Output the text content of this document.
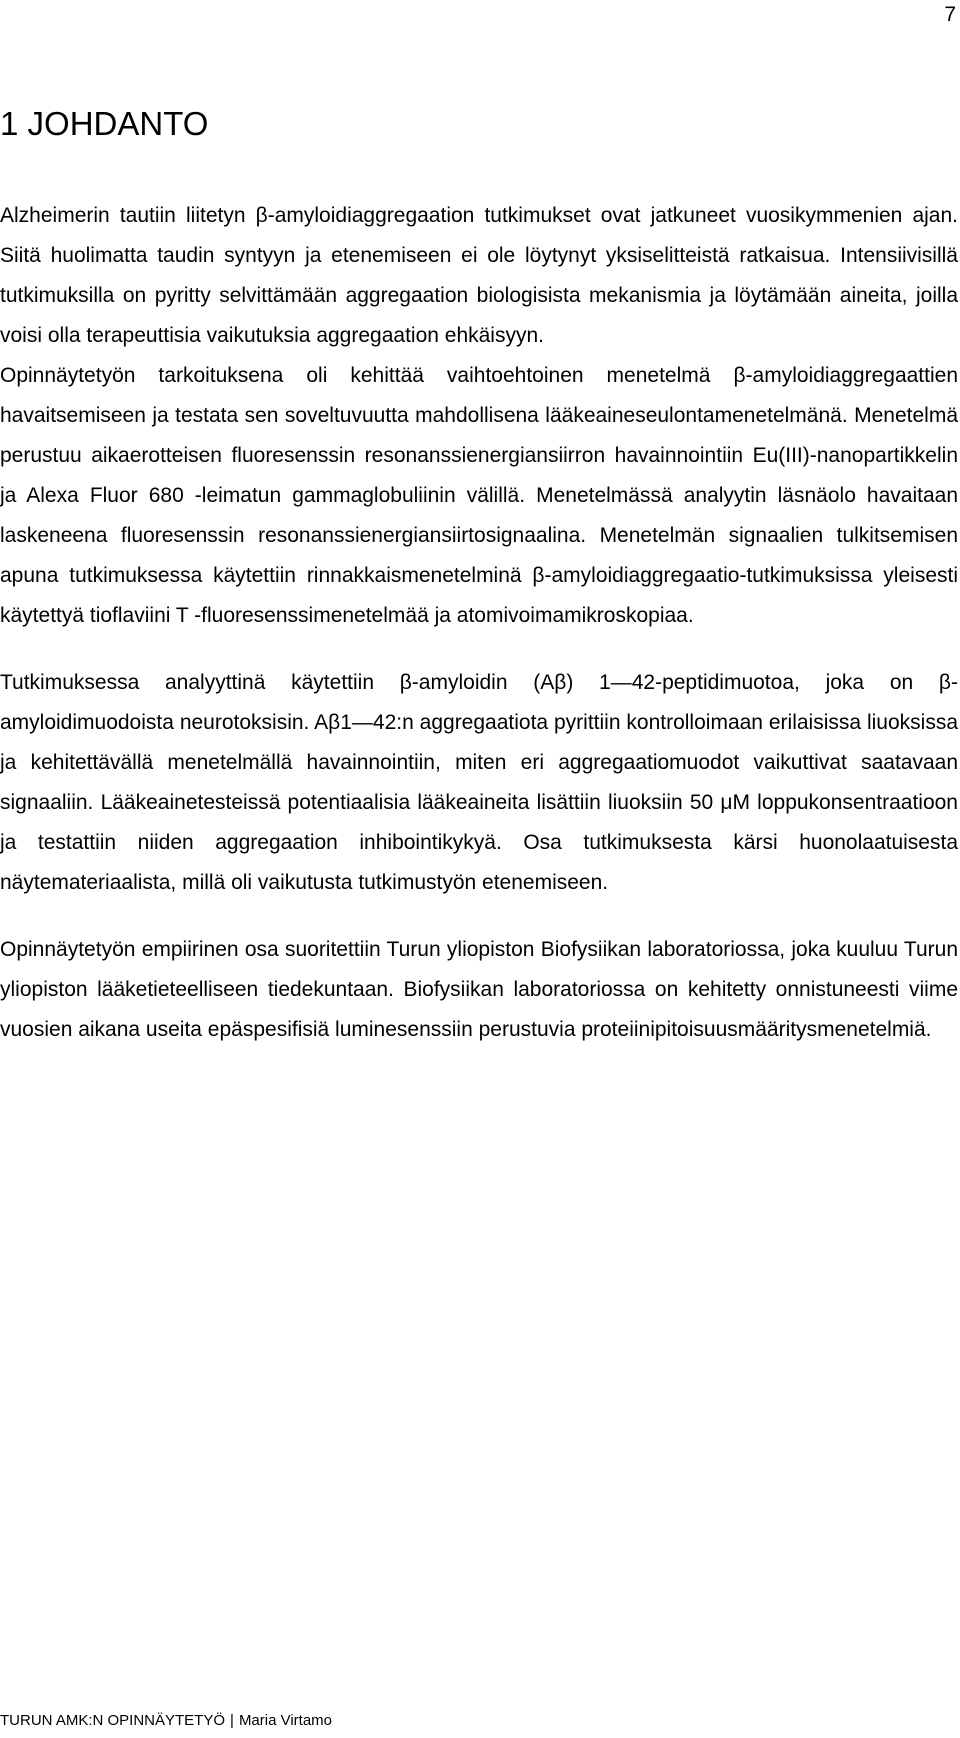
7
1 JOHDANTO

Alzheimerin tautiin liitetyn β-amyloidiaggregaation tutkimukset ovat jatkuneet vuosikymmenien ajan. Siitä huolimatta taudin syntyyn ja etenemiseen ei ole löytynyt yksiselitteistä ratkaisua. Intensiivisillä tutkimuksilla on pyritty selvittämään aggregaation biologisista mekanismia ja löytämään aineita, joilla voisi olla terapeuttisia vaikutuksia aggregaation ehkäisyyn.

Opinnäytetyön tarkoituksena oli kehittää vaihtoehtoinen menetelmä β-amyloidiaggregaattien havaitsemiseen ja testata sen soveltuvuutta mahdollisena lääkeaineseulontamenetelmänä. Menetelmä perustuu aikaerotteisen fluoresenssin resonanssienergiansiirron havainnointiin Eu(III)-nanopartikkelin ja Alexa Fluor 680 -leimatun gammaglobuliinin välillä. Menetelmässä analyytin läsnäolo havaitaan laskeneena fluoresenssin resonanssienergiansiirtosignaalina. Menetelmän signaalien tulkitsemisen apuna tutkimuksessa käytettiin rinnakkaismenetelminä β-amyloidiaggregaatio-tutkimuksissa yleisesti käytettyä tioflaviini T -fluoresenssimenetelmää ja atomivoimamikroskopiaa.

Tutkimuksessa analyyttinä käytettiin β-amyloidin (Aβ) 1—42-peptidimuotoa, joka on β-amyloidimuodoista neurotoksisin. Aβ1—42:n aggregaatiota pyrittiin kontrolloimaan erilaisissa liuoksissa ja kehitettävällä menetelmällä havainnointiin, miten eri aggregaatiomuodot vaikuttivat saatavaan signaaliin. Lääkeainetesteissä potentiaalisia lääkeaineita lisättiin liuoksiin 50 μM loppukonsentraatioon ja testattiin niiden aggregaation inhibointikykyä. Osa tutkimuksesta kärsi huonolaatuisesta näytemateriaalista, millä oli vaikutusta tutkimustyön etenemiseen.

Opinnäytetyön empiirinen osa suoritettiin Turun yliopiston Biofysiikan laboratoriossa, joka kuuluu Turun yliopiston lääketieteelliseen tiedekuntaan. Biofysiikan laboratoriossa on kehitetty onnistuneesti viime vuosien aikana useita epäspesifisiä luminesenssiin perustuvia proteiinipitoisuusmääritysmenetelmiä.

TURUN AMK:N OPINNÄYTETYÖ | Maria Virtamo
